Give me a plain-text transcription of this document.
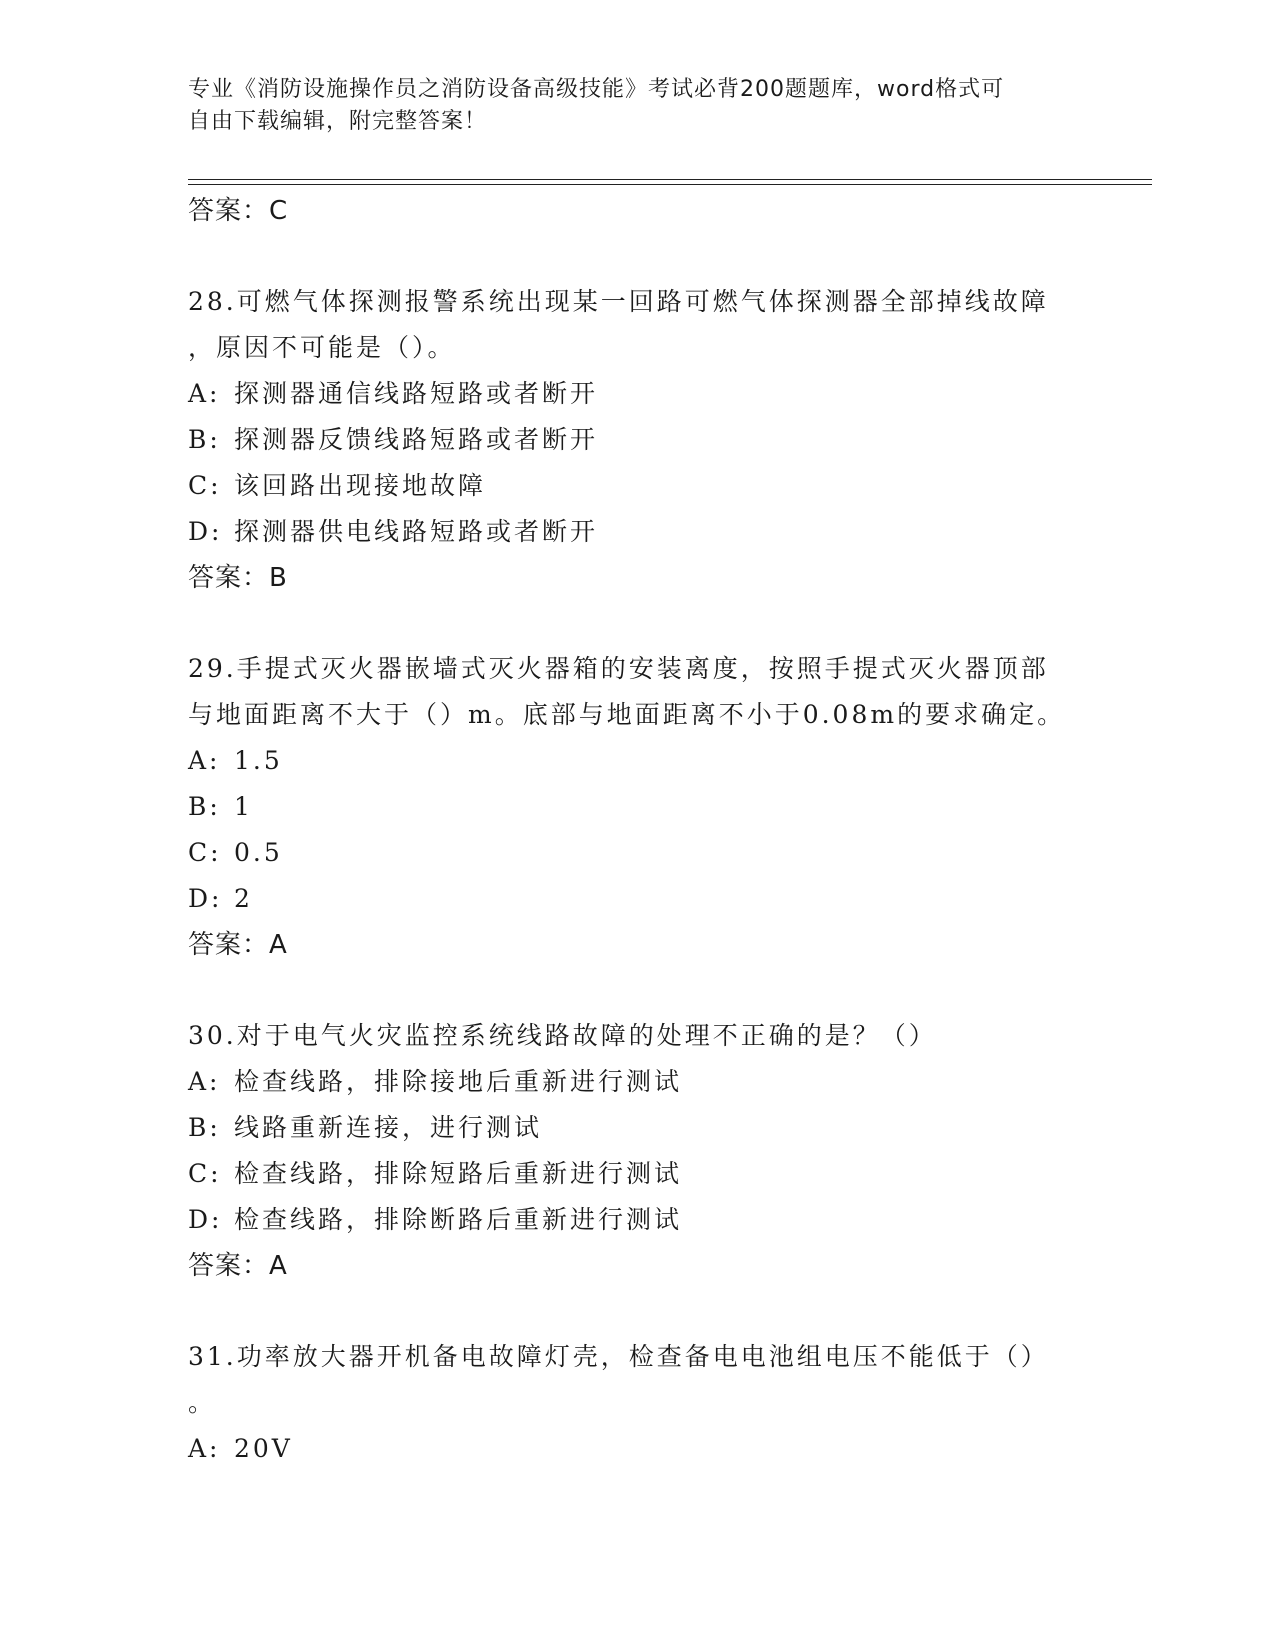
专业《消防设施操作员之消防设备高级技能》考试必背200题题库，word格式可
自由下载编辑，附完整答案！
答案：C
28.可燃气体探测报警系统出现某一回路可燃气体探测器全部掉线故障
，原因不可能是（）。
A: 探测器通信线路短路或者断开
B: 探测器反馈线路短路或者断开
C: 该回路出现接地故障
D: 探测器供电线路短路或者断开
答案：B
29.手提式灭火器嵌墙式灭火器箱的安装离度，按照手提式灭火器顶部
与地面距离不大于（）m。底部与地面距离不小于0.08m的要求确定。
A: 1.5
B: 1
C: 0.5
D: 2
答案：A
30.对于电气火灾监控系统线路故障的处理不正确的是？（）
A: 检查线路，排除接地后重新进行测试
B: 线路重新连接，进行测试
C: 检查线路，排除短路后重新进行测试
D: 检查线路，排除断路后重新进行测试
答案：A
31.功率放大器开机备电故障灯壳，检查备电电池组电压不能低于（）
。
A: 20V
